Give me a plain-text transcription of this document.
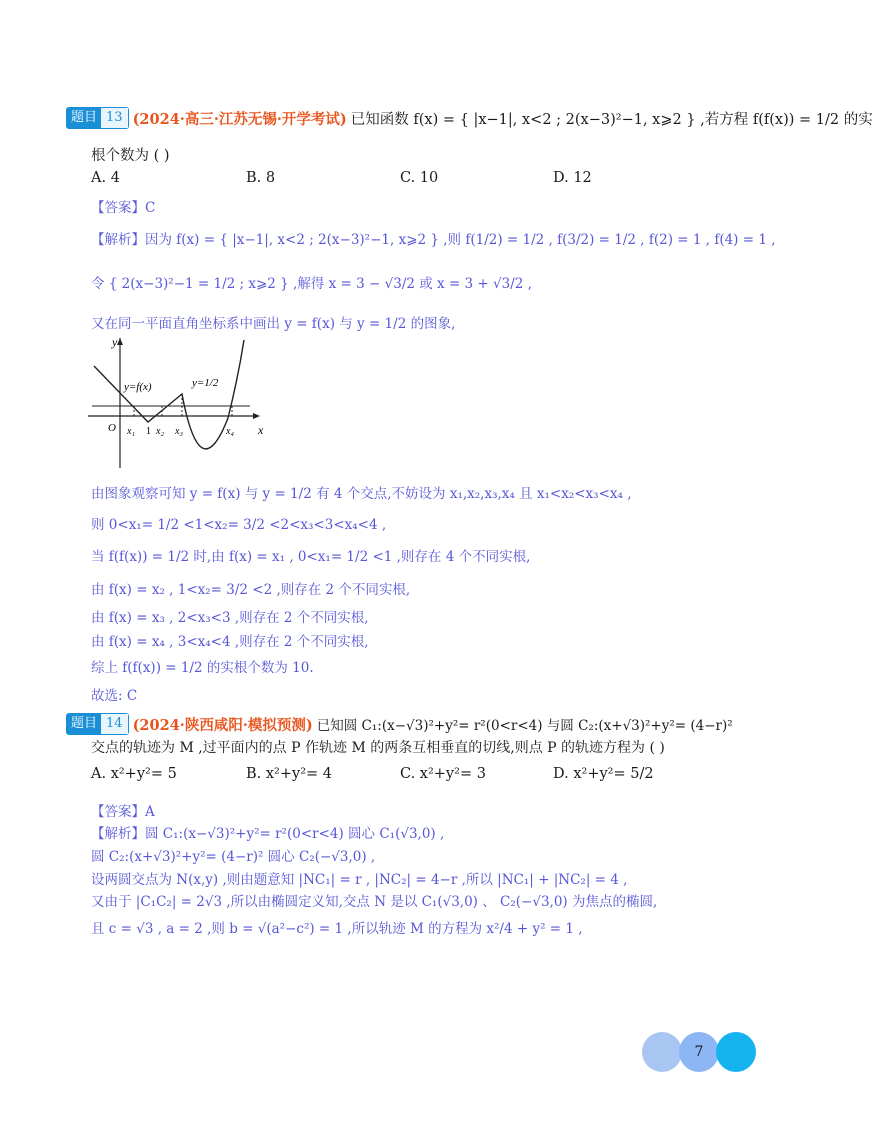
题目 13 (2024·高三·江苏无锡·开学考试) 已知函数 f(x) = { |x−1|, x<2 ; 2(x−3)²−1, x⩾2 } ,若方程 f(f(x)) = 1/2 的实
根个数为 ( )
A. 4	B. 8	C. 10	D. 12
【答案】C
【解析】因为 f(x) = { |x−1|, x<2 ; 2(x−3)²−1, x⩾2 } ,则 f(1/2) = 1/2 , f(3/2) = 1/2 , f(2) = 1 , f(4) = 1 ,
令 { 2(x−3)²−1 = 1/2 ; x⩾2 } ,解得 x = 3 − √3/2 或 x = 3 + √3/2 ,
又在同一平面直角坐标系中画出 y = f(x) 与 y = 1/2 的图象,
y
x
O
y=f(x)	y=1/2
x₁ 1 x₂ x₃	x₄
由图象观察可知 y = f(x) 与 y = 1/2 有 4 个交点,不妨设为 x₁,x₂,x₃,x₄ 且 x₁<x₂<x₃<x₄ ,
则 0<x₁= 1/2 <1<x₂= 3/2 <2<x₃<3<x₄<4 ,
当 f(f(x)) = 1/2 时,由 f(x) = x₁ , 0<x₁= 1/2 <1 ,则存在 4 个不同实根,
由 f(x) = x₂ , 1<x₂= 3/2 <2 ,则存在 2 个不同实根,
由 f(x) = x₃ , 2<x₃<3 ,则存在 2 个不同实根,
由 f(x) = x₄ , 3<x₄<4 ,则存在 2 个不同实根,
综上 f(f(x)) = 1/2 的实根个数为 10.
故选: C
题目 14 (2024·陕西咸阳·模拟预测) 已知圆 C₁:(x−√3)²+y²= r²(0<r<4) 与圆 C₂:(x+√3)²+y²= (4−r)²
交点的轨迹为 M ,过平面内的点 P 作轨迹 M 的两条互相垂直的切线,则点 P 的轨迹方程为 ( )
A. x²+y²= 5	B. x²+y²= 4	C. x²+y²= 3	D. x²+y²= 5/2
【答案】A
【解析】圆 C₁:(x−√3)²+y²= r²(0<r<4) 圆心 C₁(√3,0) ,
圆 C₂:(x+√3)²+y²= (4−r)² 圆心 C₂(−√3,0) ,
设两圆交点为 N(x,y) ,则由题意知 |NC₁| = r , |NC₂| = 4−r ,所以 |NC₁| + |NC₂| = 4 ,
又由于 |C₁C₂| = 2√3 ,所以由椭圆定义知,交点 N 是以 C₁(√3,0) 、 C₂(−√3,0) 为焦点的椭圆,
且 c = √3 , a = 2 ,则 b = √(a²−c²) = 1 ,所以轨迹 M 的方程为 x²/4 + y² = 1 ,
7
